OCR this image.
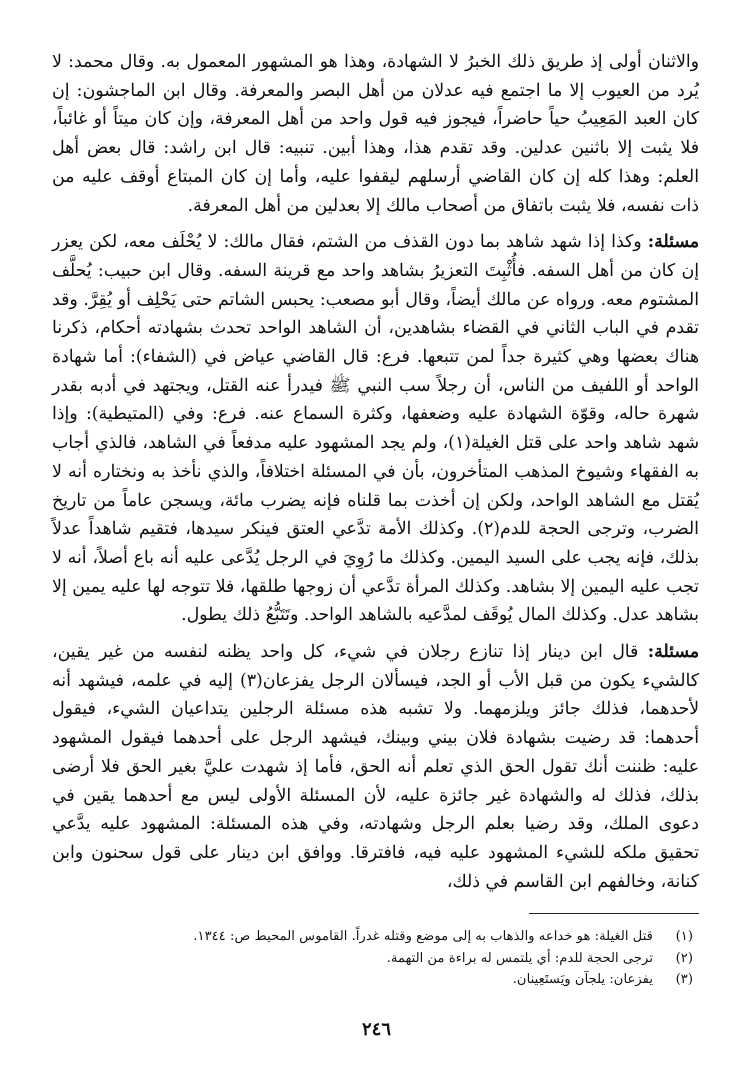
والاثنان أولى إذ طريق ذلك الخبرُ لا الشهادة، وهذا هو المشهور المعمول به. وقال محمد: لا يُرد من العيوب إلا ما اجتمع فيه عدلان من أهل البصر والمعرفة. وقال ابن الماجشون: إن كان العبد المَعِيبُ حياً حاضراً، فيجوز فيه قول واحد من أهل المعرفة، وإن كان ميتاً أو غائباً، فلا يثبت إلا باثنين عدلين. وقد تقدم هذا، وهذا أبين. تنبيه: قال ابن راشد: قال بعض أهل العلم: وهذا كله إن كان القاضي أرسلهم ليقفوا عليه، وأما إن كان المبتاع أوقف عليه من ذات نفسه، فلا يثبت باتفاق من أصحاب مالك إلا بعدلين من أهل المعرفة.

مسئلة: وكذا إذا شهد شاهد بما دون القذف من الشتم، فقال مالك: لا يُحْلَف معه، لكن يعزر إن كان من أهل السفه. فأُثْبِتَ التعزيرُ بشاهد واحد مع قرينة السفه. وقال ابن حبيب: يُحلَّف المشتوم معه. ورواه عن مالك أيضاً، وقال أبو مصعب: يحبس الشاتم حتى يَحْلِف أو يُقِرَّ. وقد تقدم في الباب الثاني في القضاء بشاهدين، أن الشاهد الواحد تحدث بشهادته أحكام، ذكرنا هناك بعضها وهي كثيرة جداً لمن تتبعها. فرع: قال القاضي عياض في (الشفاء): أما شهادة الواحد أو اللفيف من الناس، أن رجلاً سب النبي ﷺ فيدرأ عنه القتل، ويجتهد في أدبه بقدر شهرة حاله، وقوّة الشهادة عليه وضعفها، وكثرة السماع عنه. فرع: وفي (المتيطية): وإذا شهد شاهد واحد على قتل الغيلة(١)، ولم يجد المشهود عليه مدفعاً في الشاهد، فالذي أجاب به الفقهاء وشيوخ المذهب المتأخرون، بأن في المسئلة اختلافاً، والذي نأخذ به ونختاره أنه لا يُقتل مع الشاهد الواحد، ولكن إن أخذت بما قلناه فإنه يضرب مائة، ويسجن عاماً من تاريخ الضرب، وترجى الحجة للدم(٢). وكذلك الأمة تدَّعي العتق فينكر سيدها، فتقيم شاهداً عدلاً بذلك، فإنه يجب على السيد اليمين. وكذلك ما رُوِيَ في الرجل يُدَّعى عليه أنه باع أصلاً، أنه لا تجب عليه اليمين إلا بشاهد. وكذلك المرأة تدَّعي أن زوجها طلقها، فلا تتوجه لها عليه يمين إلا بشاهد عدل. وكذلك المال يُوقَف لمدَّعيه بالشاهد الواحد. وتَتَبُّعُ ذلك يطول.

مسئلة: قال ابن دينار إذا تنازع رجلان في شيء، كل واحد يظنه لنفسه من غير يقين، كالشيء يكون من قبل الأب أو الجد، فيسألان الرجل يفزعان(٣) إليه في علمه، فيشهد أنه لأحدهما، فذلك جائز ويلزمهما. ولا تشبه هذه مسئلة الرجلين يتداعيان الشيء، فيقول أحدهما: قد رضيت بشهادة فلان بيني وبينك، فيشهد الرجل على أحدهما فيقول المشهود عليه: ظننت أنك تقول الحق الذي تعلم أنه الحق، فأما إذ شهدت عليَّ بغير الحق فلا أرضى بذلك، فذلك له والشهادة غير جائزة عليه، لأن المسئلة الأولى ليس مع أحدهما يقين في دعوى الملك، وقد رضيا بعلم الرجل وشهادته، وفي هذه المسئلة: المشهود عليه يدَّعي تحقيق ملكه للشيء المشهود عليه فيه، فافترقا. ووافق ابن دينار على قول سحنون وابن كنانة، وخالفهم ابن القاسم في ذلك،

(١)
قتل الغيلة: هو خداعه والذهاب به إلى موضع وقتله غدراً. القاموس المحيط ص: ١٣٤٤.
(٢)
ترجى الحجة للدم: أي يلتمس له براءة من التهمة.
(٣)
يفزعان: يلجآن ويَستَعِينان.
٢٤٦
